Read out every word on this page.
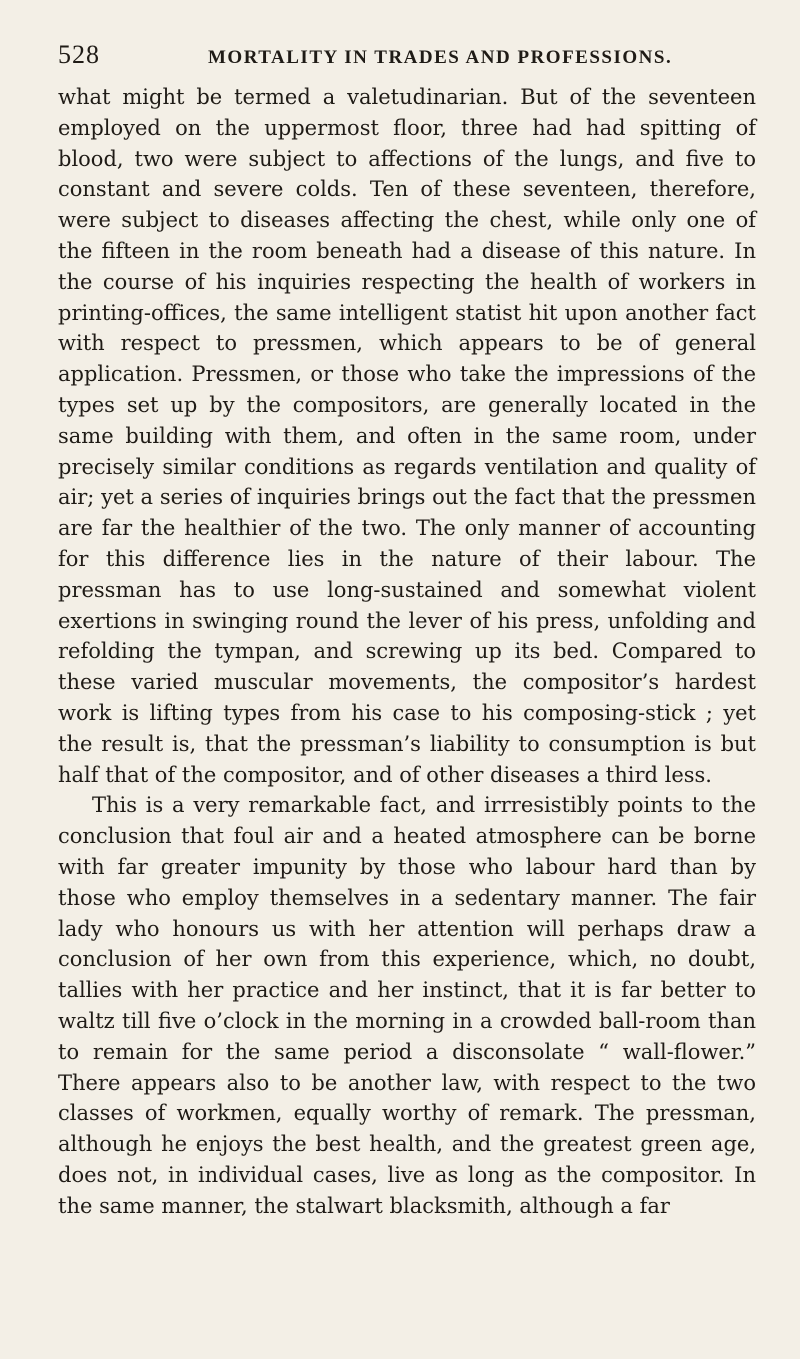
528	MORTALITY IN TRADES AND PROFESSIONS.

what might be termed a valetudinarian. But of the seventeen employed on the uppermost floor, three had had spitting of blood, two were subject to affections of the lungs, and five to constant and severe colds. Ten of these seventeen, therefore, were subject to diseases affecting the chest, while only one of the fifteen in the room beneath had a disease of this nature. In the course of his inquiries respecting the health of workers in printing-offices, the same intelligent statist hit upon another fact with respect to pressmen, which appears to be of general application. Pressmen, or those who take the impressions of the types set up by the compositors, are generally located in the same building with them, and often in the same room, under precisely similar conditions as regards ventilation and quality of air; yet a series of inquiries brings out the fact that the pressmen are far the healthier of the two. The only manner of accounting for this difference lies in the nature of their labour. The pressman has to use long-sustained and somewhat violent exertions in swinging round the lever of his press, unfolding and refolding the tympan, and screwing up its bed. Compared to these varied muscular movements, the compositor’s hardest work is lifting types from his case to his composing-stick ; yet the result is, that the pressman’s liability to consumption is but half that of the compositor, and of other diseases a third less.

This is a very remarkable fact, and irrresistibly points to the conclusion that foul air and a heated atmosphere can be borne with far greater impunity by those who labour hard than by those who employ themselves in a sedentary manner. The fair lady who honours us with her attention will perhaps draw a conclusion of her own from this experience, which, no doubt, tallies with her practice and her instinct, that it is far better to waltz till five o’clock in the morning in a crowded ball-room than to remain for the same period a disconsolate “ wall-flower.” There appears also to be another law, with respect to the two classes of workmen, equally worthy of remark. The pressman, although he enjoys the best health, and the greatest green age, does not, in individual cases, live as long as the compositor. In the same manner, the stalwart blacksmith, although a far
